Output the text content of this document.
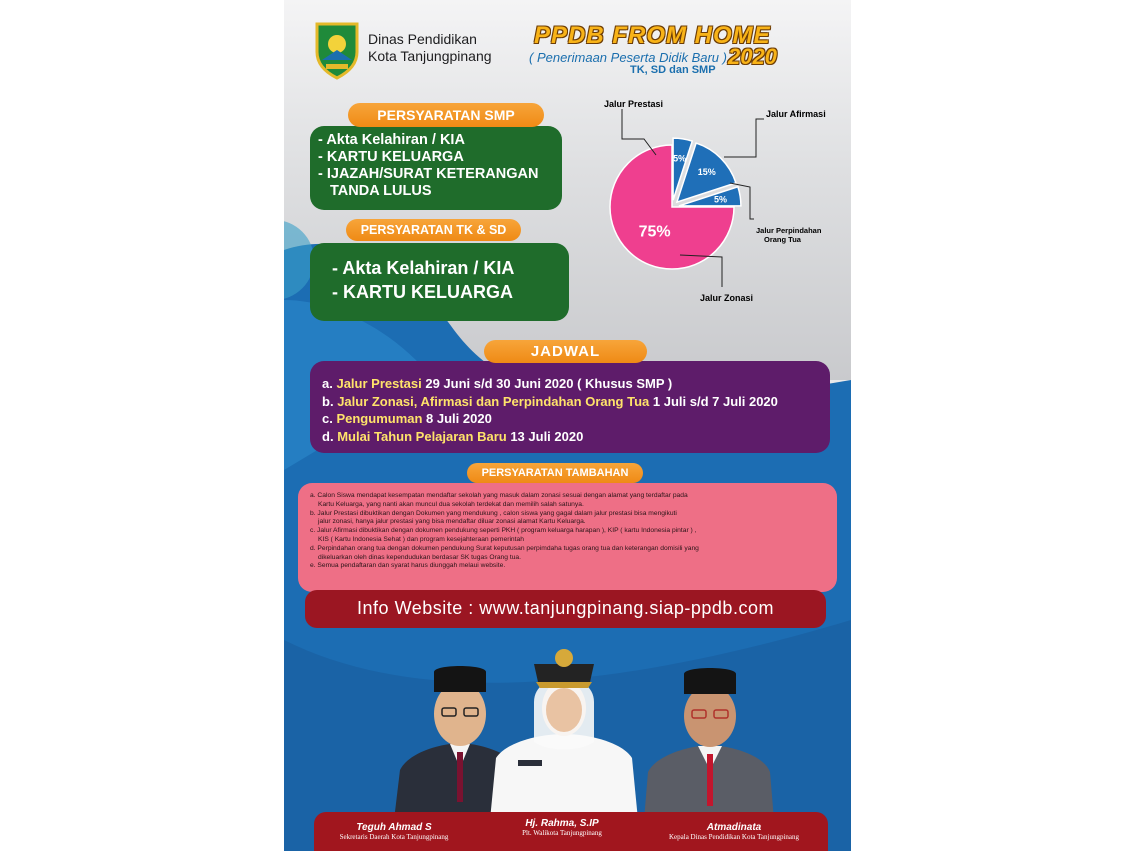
Dinas Pendidikan
Kota Tanjungpinang
PPDB FROM HOME
2020
( Penerimaan Peserta Didik Baru )
TK, SD dan SMP
- Akta Kelahiran / KIA
- KARTU KELUARGA
- IJAZAH/SURAT KETERANGAN
TANDA LULUS
PERSYARATAN SMP
- Akta Kelahiran / KIA
- KARTU KELUARGA
PERSYARATAN TK & SD
5%
15%
5%
75%
Jalur Prestasi
Jalur Afirmasi
Jalur Perpindahan
Orang Tua
Jalur Zonasi
a. Jalur Prestasi 29 Juni s/d 30 Juni 2020 ( Khusus SMP )
b. Jalur Zonasi, Afirmasi dan Perpindahan Orang Tua 1 Juli s/d 7 Juli 2020
c. Pengumuman 8 Juli 2020
d. Mulai Tahun Pelajaran Baru 13 Juli 2020
JADWAL
a. Calon Siswa mendapat kesempatan mendaftar sekolah yang masuk dalam zonasi sesuai dengan alamat yang terdaftar pada
Kartu Keluarga, yang nanti akan muncul dua sekolah terdekat dan memilih salah satunya.
b. Jalur Prestasi dibuktikan dengan Dokumen yang mendukung , calon siswa yang gagal dalam jalur prestasi bisa mengikuti
jalur zonasi, hanya jalur prestasi yang bisa mendaftar diluar zonasi alamat Kartu Keluarga.
c. Jalur Afirmasi dibuktikan dengan dokumen pendukung seperti PKH ( program keluarga harapan ), KIP ( kartu Indonesia pintar ) ,
KIS ( Kartu Indonesia Sehat ) dan program kesejahteraan pemerintah
d. Perpindahan orang tua dengan dokumen pendukung Surat keputusan perpimdaha tugas orang tua dan keterangan domisili yang
dikeluarkan oleh dinas kependudukan berdasar SK tugas Orang tua.
e. Semua pendaftaran dan syarat harus diunggah melaui website.
PERSYARATAN TAMBAHAN
Info Website : www.tanjungpinang.siap-ppdb.com
Teguh Ahmad S
Sekretaris Daerah Kota Tanjungpinang
Hj. Rahma, S.IP
Plt. Walikota Tanjungpinang	Atmadinata
Kepala Dinas Pendidikan Kota Tanjungpinang
